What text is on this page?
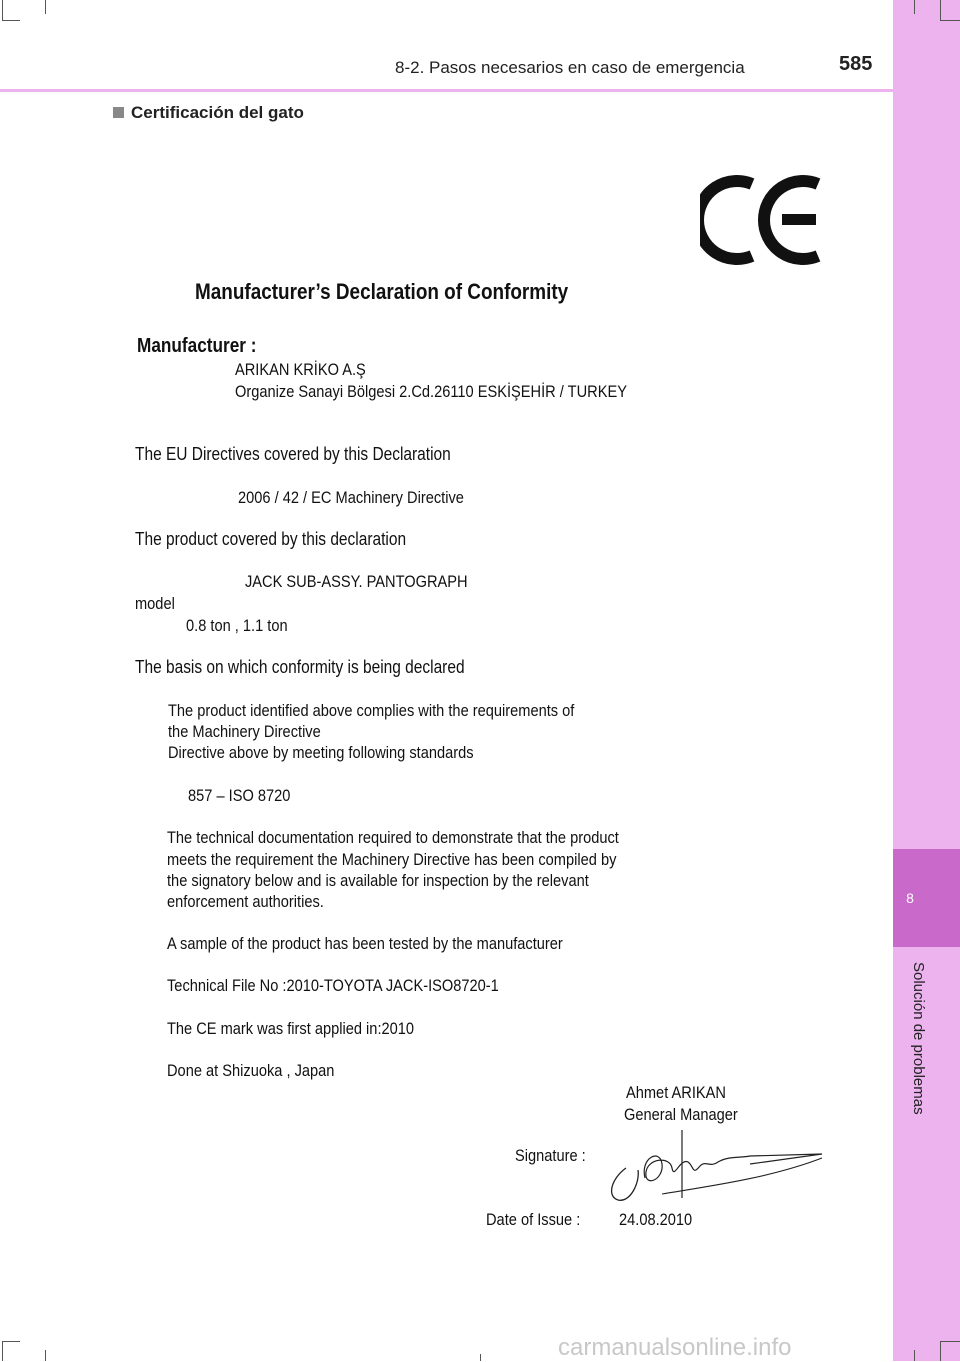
8
Solución de problemas
8-2. Pasos necesarios en caso de emergencia	585
Certificación del gato
Manufacturer’s Declaration of Conformity
Manufacturer :
ARIKAN KRİKO A.Ş
Organize Sanayi Bölgesi 2.Cd.26110 ESKİŞEHİR / TURKEY
The EU Directives covered by this Declaration
2006 / 42 / EC Machinery Directive
The product covered by this declaration
JACK SUB-ASSY. PANTOGRAPH
model
0.8 ton , 1.1 ton
The basis on which conformity is being declared
The product identified above complies with the requirements of
the Machinery Directive
Directive above by meeting following standards
857 – ISO 8720
The technical documentation required to demonstrate that the product
meets the requirement the Machinery Directive has been compiled by
the signatory below and is available for inspection by the relevant
enforcement authorities.
A sample of the product has been tested by the manufacturer
Technical File No :2010-TOYOTA JACK-ISO8720-1
The CE mark was first applied in:2010
Done at Shizuoka , Japan
Ahmet ARIKAN
General Manager
Signature :
Date of Issue : 24.08.2010
carmanualsonline.info
